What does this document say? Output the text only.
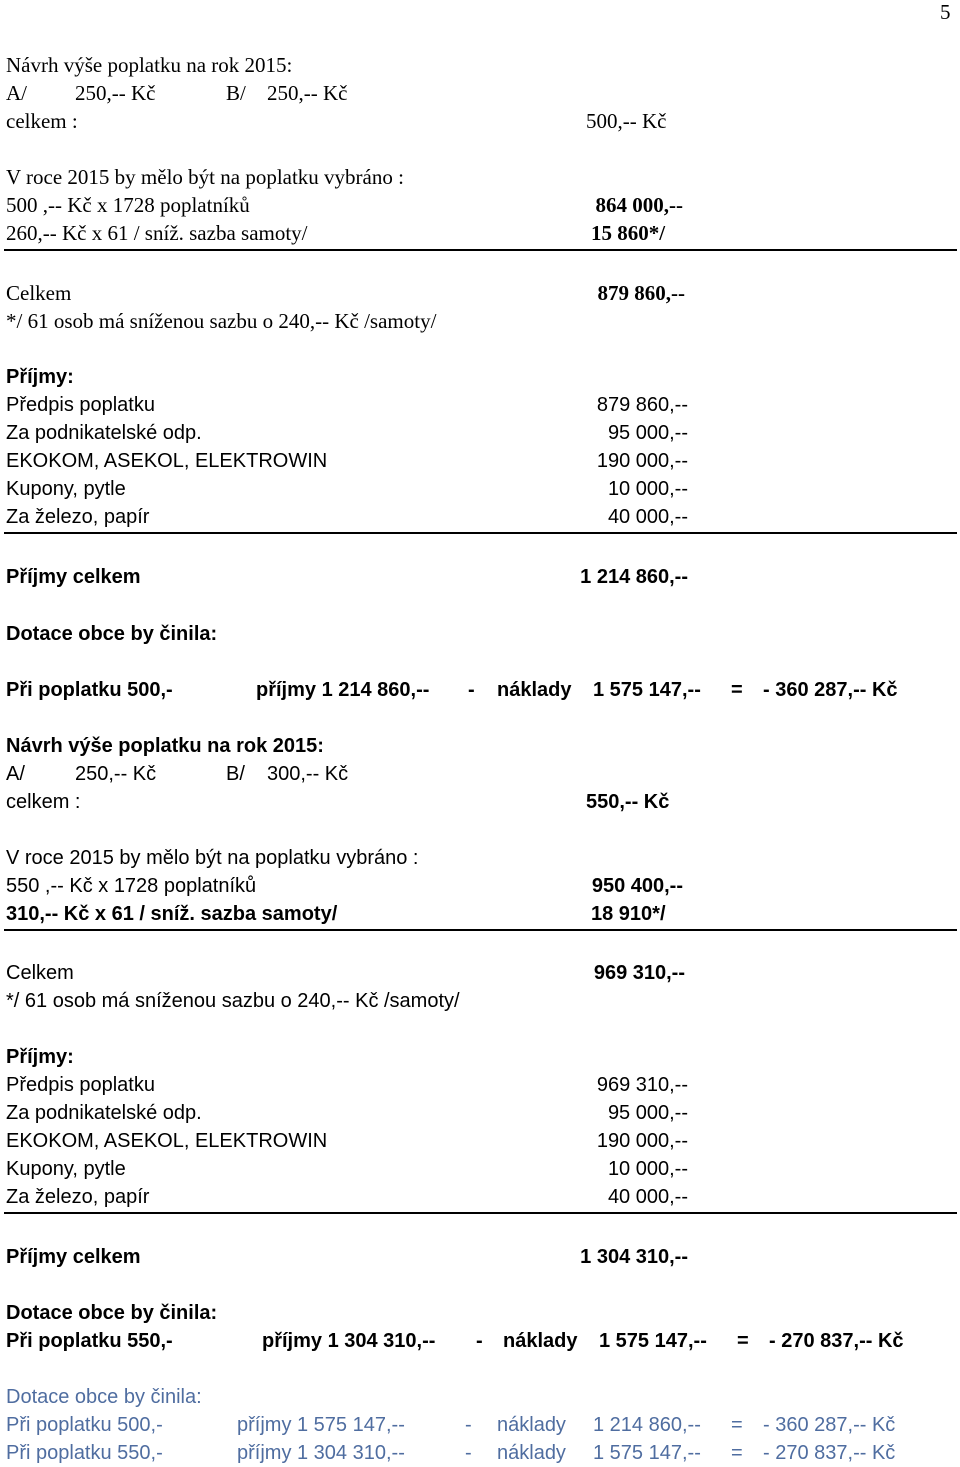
5
Návrh výše poplatku na rok 2015:
A/ 250,-- Kč	B/ 250,-- Kč
celkem :	500,-- Kč
V roce 2015 by mělo být na poplatku vybráno :
500 ,-- Kč x 1728 poplatníků	864 000,--
260,-- Kč x 61 / sníž. sazba samoty/	15 860*/
Celkem	879 860,--
*/ 61 osob má sníženou sazbu o 240,-- Kč /samoty/
Příjmy:
Předpis poplatku	879 860,--
Za podnikatelské odp.	95 000,--
EKOKOM, ASEKOL, ELEKTROWIN	190 000,--
Kupony, pytle	10 000,--
Za železo, papír	40 000,--
Příjmy celkem	1 214 860,--
Dotace obce by činila:
Při poplatku 500,-	příjmy 1 214 860,-- - náklady 1 575 147,-- = - 360 287,-- Kč
Návrh výše poplatku na rok 2015:
A/	250,-- Kč	B/ 300,-- Kč
celkem :	550,-- Kč
V roce 2015 by mělo být na poplatku vybráno :
550 ,-- Kč x 1728 poplatníků	950 400,--
310,-- Kč x 61 / sníž. sazba samoty/	18 910*/
Celkem	969 310,--
*/ 61 osob má sníženou sazbu o 240,-- Kč /samoty/
Příjmy:
Předpis poplatku	969 310,--
Za podnikatelské odp.	95 000,--
EKOKOM, ASEKOL, ELEKTROWIN	190 000,--
Kupony, pytle	10 000,--
Za železo, papír	40 000,--
Příjmy celkem	1 304 310,--
Dotace obce by činila:
Při poplatku 550,-	příjmy 1 304 310,-- - náklady 1 575 147,-- = - 270 837,-- Kč
Dotace obce by činila:
Při poplatku 500,-	příjmy 1 575 147,--	- náklady 1 214 860,-- = - 360 287,-- Kč
Při poplatku 550,-	příjmy 1 304 310,--	- náklady 1 575 147,-- = - 270 837,-- Kč
